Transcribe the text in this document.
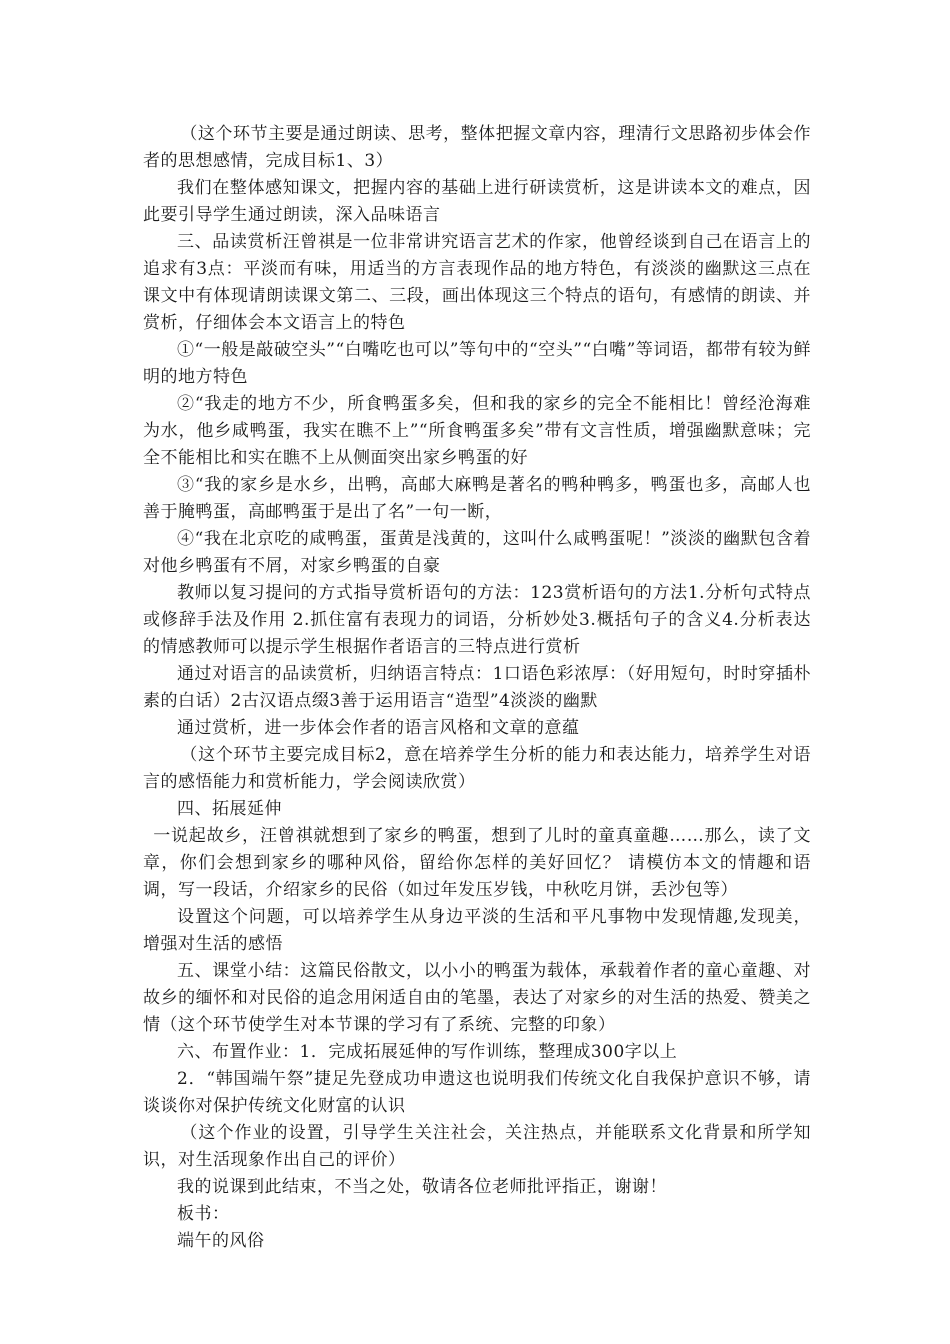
（这个环节主要是通过朗读、思考，整体把握文章内容，理清行文思路初步体会作者的思想感情，完成目标1、3）

我们在整体感知课文，把握内容的基础上进行研读赏析，这是讲读本文的难点，因此要引导学生通过朗读，深入品味语言

三、品读赏析汪曾祺是一位非常讲究语言艺术的作家，他曾经谈到自己在语言上的追求有3点：平淡而有味，用适当的方言表现作品的地方特色，有淡淡的幽默这三点在课文中有体现请朗读课文第二、三段，画出体现这三个特点的语句，有感情的朗读、并赏析，仔细体会本文语言上的特色

①“一般是敲破空头”“白嘴吃也可以”等句中的“空头”“白嘴”等词语，都带有较为鲜明的地方特色

②“我走的地方不少，所食鸭蛋多矣，但和我的家乡的完全不能相比！曾经沧海难为水，他乡咸鸭蛋，我实在瞧不上”“所食鸭蛋多矣”带有文言性质，增强幽默意味；完全不能相比和实在瞧不上从侧面突出家乡鸭蛋的好

③“我的家乡是水乡，出鸭，高邮大麻鸭是著名的鸭种鸭多，鸭蛋也多，高邮人也善于腌鸭蛋，高邮鸭蛋于是出了名”一句一断，

④“我在北京吃的咸鸭蛋，蛋黄是浅黄的，这叫什么咸鸭蛋呢！”淡淡的幽默包含着对他乡鸭蛋有不屑，对家乡鸭蛋的自豪

教师以复习提问的方式指导赏析语句的方法：123赏析语句的方法1.分析句式特点或修辞手法及作用 2.抓住富有表现力的词语，分析妙处3.概括句子的含义4.分析表达的情感教师可以提示学生根据作者语言的三特点进行赏析

通过对语言的品读赏析，归纳语言特点：1口语色彩浓厚：（好用短句，时时穿插朴素的白话）2古汉语点缀3善于运用语言“造型”4淡淡的幽默

通过赏析，进一步体会作者的语言风格和文章的意蕴

（这个环节主要完成目标2，意在培养学生分析的能力和表达能力，培养学生对语言的感悟能力和赏析能力，学会阅读欣赏）

四、拓展延伸

一说起故乡，汪曾祺就想到了家乡的鸭蛋，想到了儿时的童真童趣……那么，读了文章，你们会想到家乡的哪种风俗，留给你怎样的美好回忆？ 请模仿本文的情趣和语调，写一段话，介绍家乡的民俗（如过年发压岁钱，中秋吃月饼，丢沙包等）

设置这个问题，可以培养学生从身边平淡的生活和平凡事物中发现情趣,发现美，增强对生活的感悟

五、课堂小结：这篇民俗散文，以小小的鸭蛋为载体，承载着作者的童心童趣、对故乡的缅怀和对民俗的追念用闲适自由的笔墨，表达了对家乡的对生活的热爱、赞美之情（这个环节使学生对本节课的学习有了系统、完整的印象）

六、布置作业：1．完成拓展延伸的写作训练，整理成300字以上

2．“韩国端午祭”捷足先登成功申遗这也说明我们传统文化自我保护意识不够，请谈谈你对保护传统文化财富的认识

（这个作业的设置，引导学生关注社会，关注热点，并能联系文化背景和所学知识，对生活现象作出自己的评价）

我的说课到此结束，不当之处，敬请各位老师批评指正，谢谢！

板书：

端午的风俗
